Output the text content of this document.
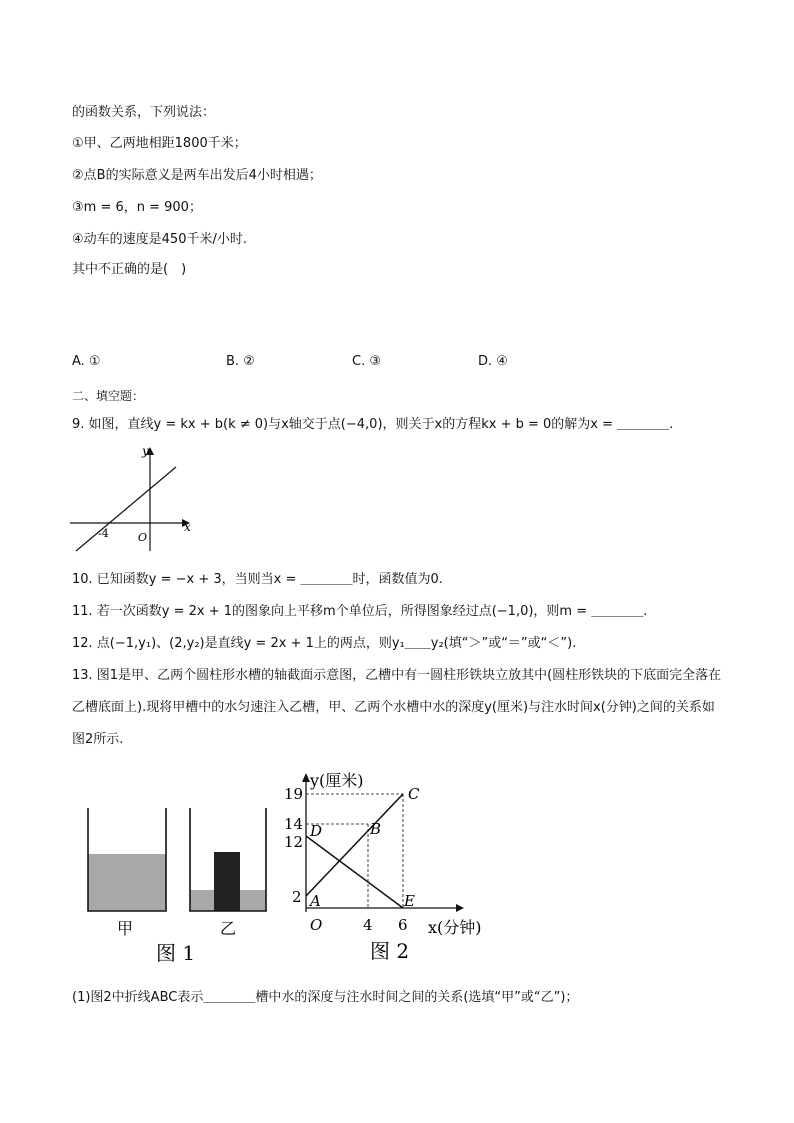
的函数关系，下列说法：
①甲、乙两地相距1800千米；
②点B的实际意义是两车出发后4小时相遇；
③m = 6，n = 900；
④动车的速度是450千米/小时.
其中不正确的是(　)
A. ①	B. ②	C. ③	D. ④
二、填空题：
9. 如图，直线y = kx + b(k ≠ 0)与x轴交于点(−4,0)，则关于x的方程kx + b = 0的解为x = ＿＿＿＿.
y
x
-4	O
10. 已知函数y = −x + 3，当则当x = ＿＿＿＿时，函数值为0.
11. 若一次函数y = 2x + 1的图象向上平移m个单位后，所得图象经过点(−1,0)，则m = ＿＿＿＿.
12. 点(−1,y₁)、(2,y₂)是直线y = 2x + 1上的两点，则y₁＿＿y₂(填“＞”或“＝”或“＜”).
13. 图1是甲、乙两个圆柱形水槽的轴截面示意图，乙槽中有一圆柱形铁块立放其中(圆柱形铁块的下底面完全落在乙槽底面上).现将甲槽中的水匀速注入乙槽，甲、乙两个水槽中水的深度y(厘米)与注水时间x(分钟)之间的关系如图2所示.
甲	乙
图 1
y(厘米)
x(分钟)
19
14
12
2
O	4 6
A
B
C
D
E
图 2
(1)图2中折线ABC表示＿＿＿＿槽中水的深度与注水时间之间的关系(选填“甲”或“乙”)；
